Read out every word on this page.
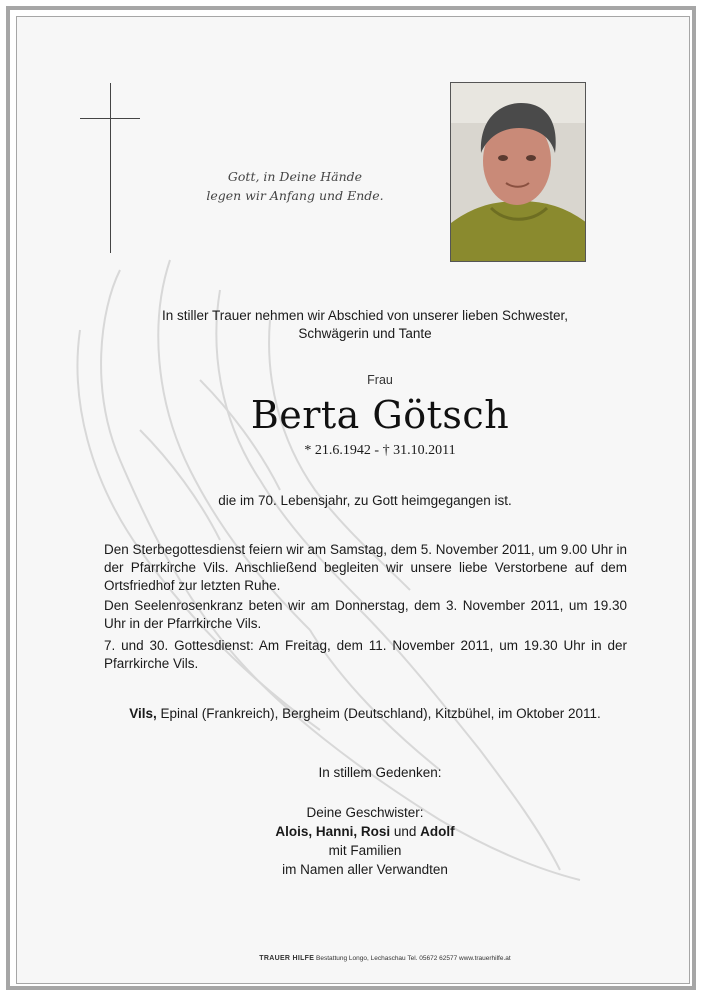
Gott, in Deine Hände
legen wir Anfang und Ende.
In stiller Trauer nehmen wir Abschied von unserer lieben Schwester,
Schwägerin und Tante
Frau
Berta Götsch
* 21.6.1942 - † 31.10.2011
die im 70. Lebensjahr, zu Gott heimgegangen ist.
Den Sterbegottesdienst feiern wir am Samstag, dem 5. November 2011, um 9.00 Uhr in der Pfarrkirche Vils. Anschließend begleiten wir unsere liebe Verstorbene auf dem Ortsfriedhof zur letzten Ruhe.
Den Seelenrosenkranz beten wir am Donnerstag, dem 3. November 2011, um 19.30 Uhr in der Pfarrkirche Vils.
7. und 30. Gottesdienst: Am Freitag, dem 11. November 2011, um 19.30 Uhr in der Pfarrkirche Vils.
Vils, Epinal (Frankreich), Bergheim (Deutschland), Kitzbühel, im Oktober 2011.
In stillem Gedenken:
Deine Geschwister:
Alois, Hanni, Rosi und Adolf
mit Familien
im Namen aller Verwandten
TRAUER HILFE Bestattung Longo, Lechaschau Tel. 05672 62577 www.trauerhilfe.at
